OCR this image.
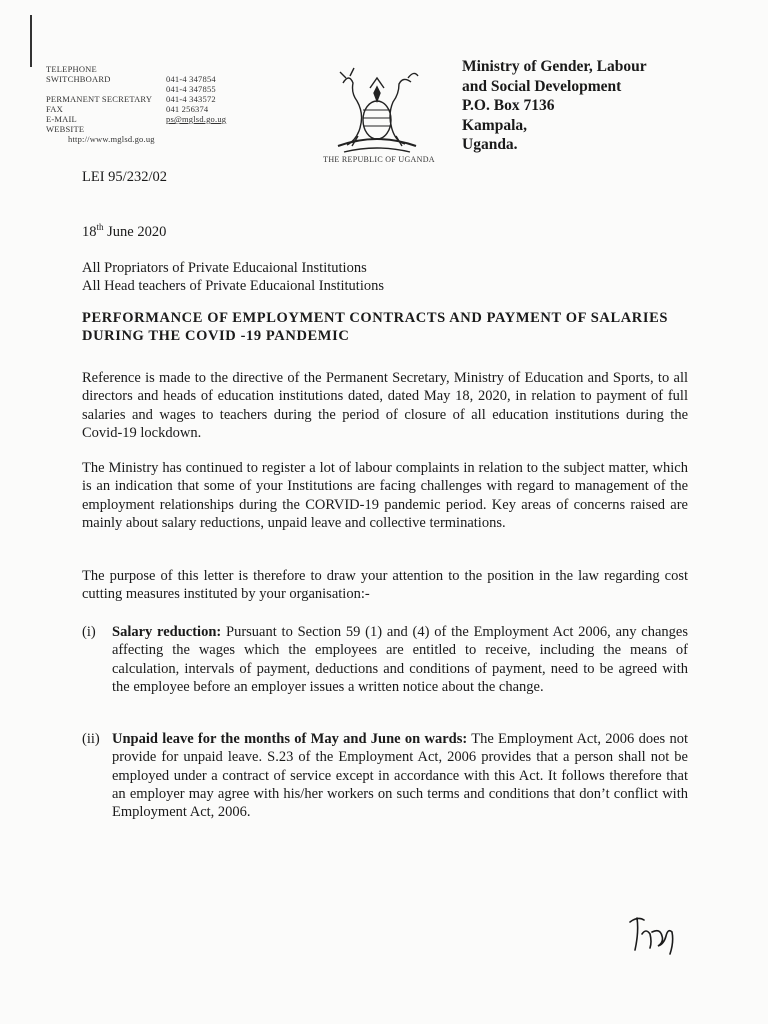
TELEPHONE
SWITCHBOARD	041-4 347854
041-4 347855
PERMANENT SECRETARY 041-4 343572
FAX	041 256374
E-MAIL	ps@mglsd.go.ug
WEBSITE
http://www.mglsd.go.ug
THE REPUBLIC OF UGANDA
Ministry of Gender, Labour
and Social Development
P.O. Box 7136
Kampala,
Uganda.
LEI 95/232/02
18th June 2020
All Propriators of Private Educaional Institutions
All Head teachers of Private Educaional Institutions
PERFORMANCE OF EMPLOYMENT CONTRACTS AND PAYMENT OF SALARIES DURING THE COVID -19 PANDEMIC
Reference is made to the directive of the Permanent Secretary, Ministry of Education and Sports, to all directors and heads of education institutions dated, dated May 18, 2020, in relation to payment of full salaries and wages to teachers during the period of closure of all education institutions during the Covid-19 lockdown.
The Ministry has continued to register a lot of labour complaints in relation to the subject matter, which is an indication that some of your Institutions are facing challenges with regard to management of the employment relationships during the CORVID-19 pandemic period. Key areas of concerns raised are mainly about salary reductions, unpaid leave and collective terminations.
The purpose of this letter is therefore to draw your attention to the position in the law regarding cost cutting measures instituted by your organisation:-
(i) Salary reduction: Pursuant to Section 59 (1) and (4) of the Employment Act 2006, any changes affecting the wages which the employees are entitled to receive, including the means of calculation, intervals of payment, deductions and conditions of payment, need to be agreed with the employee before an employer issues a written notice about the change.
(ii) Unpaid leave for the months of May and June on wards: The Employment Act, 2006 does not provide for unpaid leave. S.23 of the Employment Act, 2006 provides that a person shall not be employed under a contract of service except in accordance with this Act. It follows therefore that an employer may agree with his/her workers on such terms and conditions that don’t conflict with Employment Act, 2006.
